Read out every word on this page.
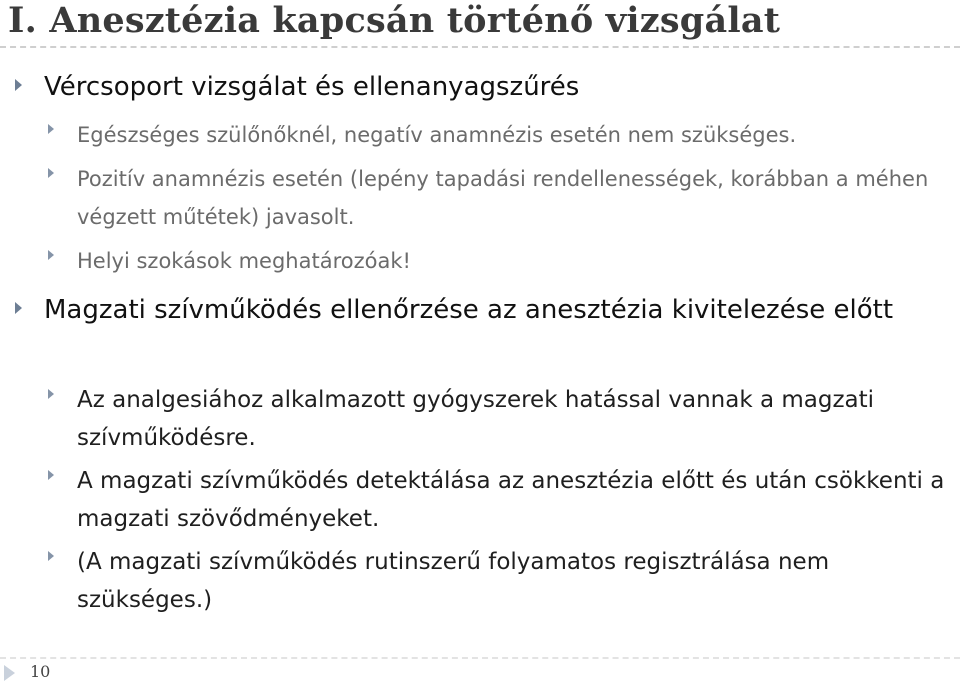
I. Anesztézia kapcsán történő vizsgálat
Vércsoport vizsgálat és ellenanyagszűrés
Egészséges szülőnőknél, negatív anamnézis esetén nem szükséges.
Pozitív anamnézis esetén (lepény tapadási rendellenességek, korábban a méhen végzett műtétek) javasolt.
Helyi szokások meghatározóak!
Magzati szívműködés ellenőrzése az anesztézia kivitelezése előtt
Az analgesiához alkalmazott gyógyszerek hatással vannak a magzati szívműködésre.
A magzati szívműködés detektálása az anesztézia előtt és után csökkenti a magzati szövődményeket.
(A magzati szívműködés rutinszerű folyamatos regisztrálása nem szükséges.)
10
